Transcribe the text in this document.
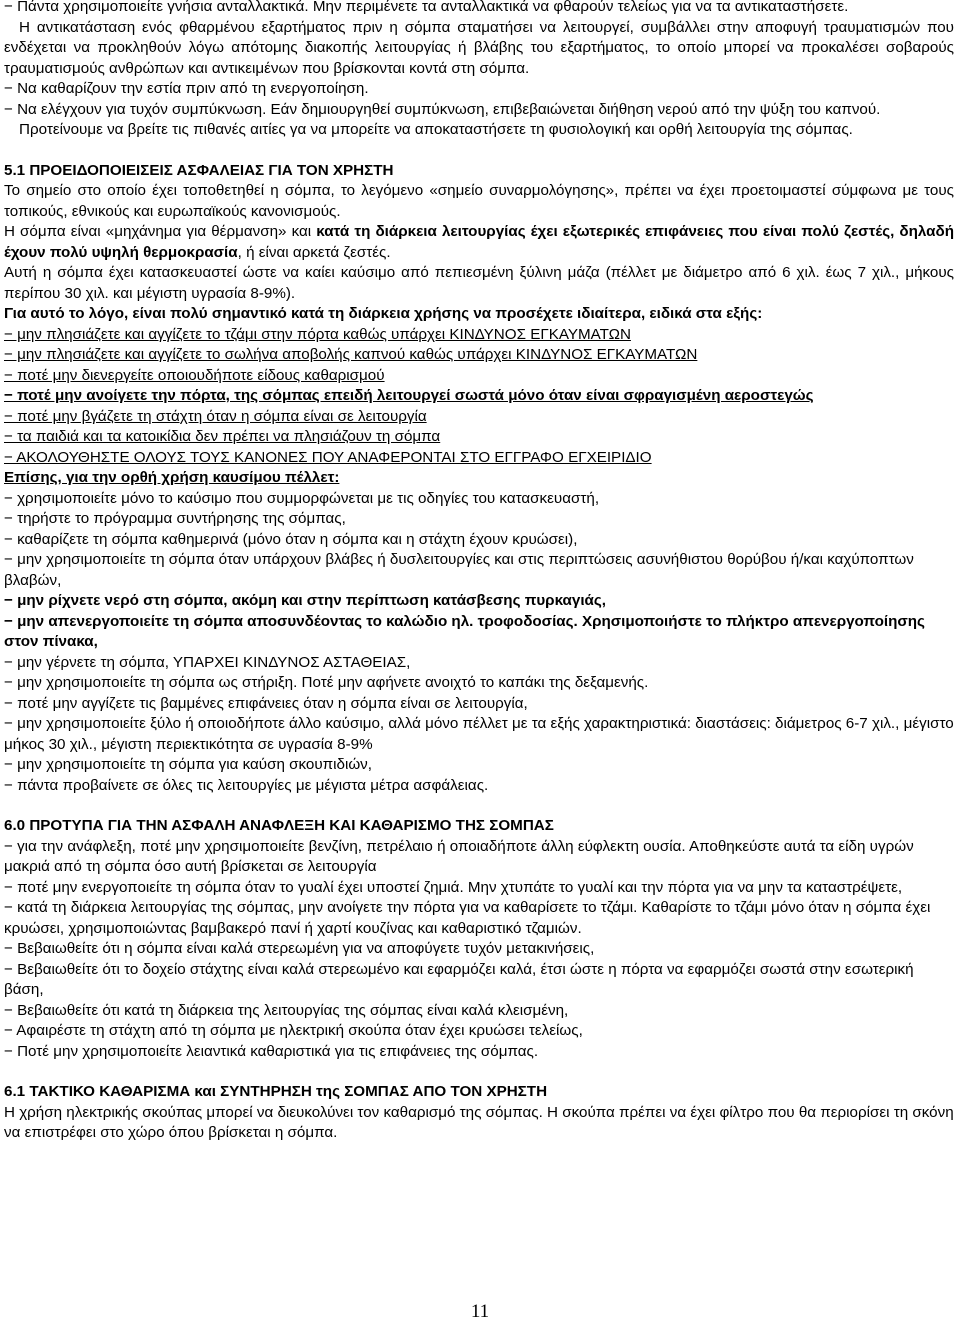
− Πάντα χρησιμοποιείτε γνήσια ανταλλακτικά. Μην περιμένετε τα ανταλλακτικά να φθαρούν τελείως για να τα αντικαταστήσετε.

Η αντικατάσταση ενός φθαρμένου εξαρτήματος πριν η σόμπα σταματήσει να λειτουργεί, συμβάλλει στην αποφυγή τραυματισμών που ενδέχεται να προκληθούν λόγω απότομης διακοπής λειτουργίας ή βλάβης του εξαρτήματος, το οποίο μπορεί να προκαλέσει σοβαρούς τραυματισμούς ανθρώπων και αντικειμένων που βρίσκονται κοντά στη σόμπα.

− Να καθαρίζουν την εστία πριν από τη ενεργοποίηση.

− Να ελέγχουν για τυχόν συμπύκνωση. Εάν δημιουργηθεί συμπύκνωση, επιβεβαιώνεται διήθηση νερού από την ψύξη του καπνού.

Προτείνουμε να βρείτε τις πιθανές αιτίες γα να μπορείτε να αποκαταστήσετε τη φυσιολογική και ορθή λειτουργία της σόμπας.

5.1 ΠΡΟΕΙΔΟΠΟΙΕΙΣΕΙΣ ΑΣΦΑΛΕΙΑΣ ΓΙΑ ΤΟΝ ΧΡΗΣΤΗ

Το σημείο στο οποίο έχει τοποθετηθεί η σόμπα, το λεγόμενο «σημείο συναρμολόγησης», πρέπει να έχει προετοιμαστεί σύμφωνα με τους τοπικούς, εθνικούς και ευρωπαϊκούς κανονισμούς.

Η σόμπα είναι «μηχάνημα για θέρμανση» και κατά τη διάρκεια λειτουργίας έχει εξωτερικές επιφάνειες που είναι πολύ ζεστές, δηλαδή έχουν πολύ υψηλή θερμοκρασία, ή είναι αρκετά ζεστές.

Αυτή η σόμπα έχει κατασκευαστεί ώστε να καίει καύσιμο από πεπιεσμένη ξύλινη μάζα (πέλλετ με διάμετρο από 6 χιλ. έως 7 χιλ., μήκους περίπου 30 χιλ. και μέγιστη υγρασία 8-9%).

Για αυτό το λόγο, είναι πολύ σημαντικό κατά τη διάρκεια χρήσης να προσέχετε ιδιαίτερα, ειδικά στα εξής:

− μην πλησιάζετε και αγγίζετε το τζάμι στην πόρτα καθώς υπάρχει ΚΙΝΔΥΝΟΣ ΕΓΚΑΥΜΑΤΩΝ

− μην πλησιάζετε και αγγίζετε το σωλήνα αποβολής καπνού καθώς υπάρχει ΚΙΝΔΥΝΟΣ ΕΓΚΑΥΜΑΤΩΝ

− ποτέ μην διενεργείτε οποιουδήποτε είδους καθαρισμού

− ποτέ μην ανοίγετε την πόρτα, της σόμπας επειδή λειτουργεί σωστά μόνο όταν είναι σφραγισμένη αεροστεγώς

− ποτέ μην βγάζετε τη στάχτη όταν η σόμπα είναι σε λειτουργία

− τα παιδιά και τα κατοικίδια δεν πρέπει να πλησιάζουν τη σόμπα

− ΑΚΟΛΟΥΘΗΣΤΕ ΟΛΟΥΣ ΤΟΥΣ ΚΑΝΟΝΕΣ ΠΟΥ ΑΝΑΦΕΡΟΝΤΑΙ ΣΤΟ ΕΓΓΡΑΦΟ ΕΓΧΕΙΡΙΔΙΟ

Επίσης, για την ορθή χρήση καυσίμου πέλλετ:

− χρησιμοποιείτε μόνο το καύσιμο που συμμορφώνεται με τις οδηγίες του κατασκευαστή,

− τηρήστε το πρόγραμμα συντήρησης της σόμπας,

− καθαρίζετε τη σόμπα καθημερινά (μόνο όταν η σόμπα και η στάχτη έχουν κρυώσει),

− μην χρησιμοποιείτε τη σόμπα όταν υπάρχουν βλάβες ή δυσλειτουργίες και στις περιπτώσεις ασυνήθιστου θορύβου ή/και καχύποπτων βλαβών,

− μην ρίχνετε νερό στη σόμπα, ακόμη και στην περίπτωση κατάσβεσης πυρκαγιάς,

− μην απενεργοποιείτε τη σόμπα αποσυνδέοντας το καλώδιο ηλ. τροφοδοσίας. Χρησιμοποιήστε το πλήκτρο απενεργοποίησης στον πίνακα,

− μην γέρνετε τη σόμπα, ΥΠΑΡΧΕΙ ΚΙΝΔΥΝΟΣ ΑΣΤΑΘΕΙΑΣ,

− μην χρησιμοποιείτε τη σόμπα ως στήριξη. Ποτέ μην αφήνετε ανοιχτό το καπάκι της δεξαμενής.

− ποτέ μην αγγίζετε τις βαμμένες επιφάνειες όταν η σόμπα είναι σε λειτουργία,

− μην χρησιμοποιείτε ξύλο ή οποιοδήποτε άλλο καύσιμο, αλλά μόνο πέλλετ με τα εξής χαρακτηριστικά: διαστάσεις: διάμετρος 6-7 χιλ., μέγιστο μήκος 30 χιλ., μέγιστη περιεκτικότητα σε υγρασία 8-9%

− μην χρησιμοποιείτε τη σόμπα για καύση σκουπιδιών,

− πάντα προβαίνετε σε όλες τις λειτουργίες με μέγιστα μέτρα ασφάλειας.

6.0 ΠΡΟΤΥΠΑ ΓΙΑ ΤΗΝ ΑΣΦΑΛΗ ΑΝΑΦΛΕΞΗ ΚΑΙ ΚΑΘΑΡΙΣΜΟ ΤΗΣ ΣΟΜΠΑΣ

− για την ανάφλεξη, ποτέ μην χρησιμοποιείτε βενζίνη, πετρέλαιο ή οποιαδήποτε άλλη εύφλεκτη ουσία. Αποθηκεύστε αυτά τα είδη υγρών μακριά από τη σόμπα όσο αυτή βρίσκεται σε λειτουργία

− ποτέ μην ενεργοποιείτε τη σόμπα όταν το γυαλί έχει υποστεί ζημιά. Μην χτυπάτε το γυαλί και την πόρτα για να μην τα καταστρέψετε,

− κατά τη διάρκεια λειτουργίας της σόμπας, μην ανοίγετε την πόρτα για να καθαρίσετε το τζάμι. Καθαρίστε το τζάμι μόνο όταν η σόμπα έχει κρυώσει, χρησιμοποιώντας βαμβακερό πανί ή χαρτί κουζίνας και καθαριστικό τζαμιών.

− Βεβαιωθείτε ότι η σόμπα είναι καλά στερεωμένη για να αποφύγετε τυχόν μετακινήσεις,

− Βεβαιωθείτε ότι το δοχείο στάχτης είναι καλά στερεωμένο και εφαρμόζει καλά, έτσι ώστε η πόρτα να εφαρμόζει σωστά στην εσωτερική βάση,

− Βεβαιωθείτε ότι κατά τη διάρκεια της λειτουργίας της σόμπας είναι καλά κλεισμένη,

− Αφαιρέστε τη στάχτη από τη σόμπα με ηλεκτρική σκούπα όταν έχει κρυώσει τελείως,

− Ποτέ μην χρησιμοποιείτε λειαντικά καθαριστικά για τις επιφάνειες της σόμπας.

6.1 ΤΑΚΤΙΚΟ ΚΑΘΑΡΙΣΜΑ και ΣΥΝΤΗΡΗΣΗ της ΣΟΜΠΑΣ ΑΠΟ ΤΟΝ ΧΡΗΣΤΗ

Η χρήση ηλεκτρικής σκούπας μπορεί να διευκολύνει τον καθαρισμό της σόμπας. Η σκούπα πρέπει να έχει φίλτρο που θα περιορίσει τη σκόνη να επιστρέφει στο χώρο όπου βρίσκεται η σόμπα.

11
